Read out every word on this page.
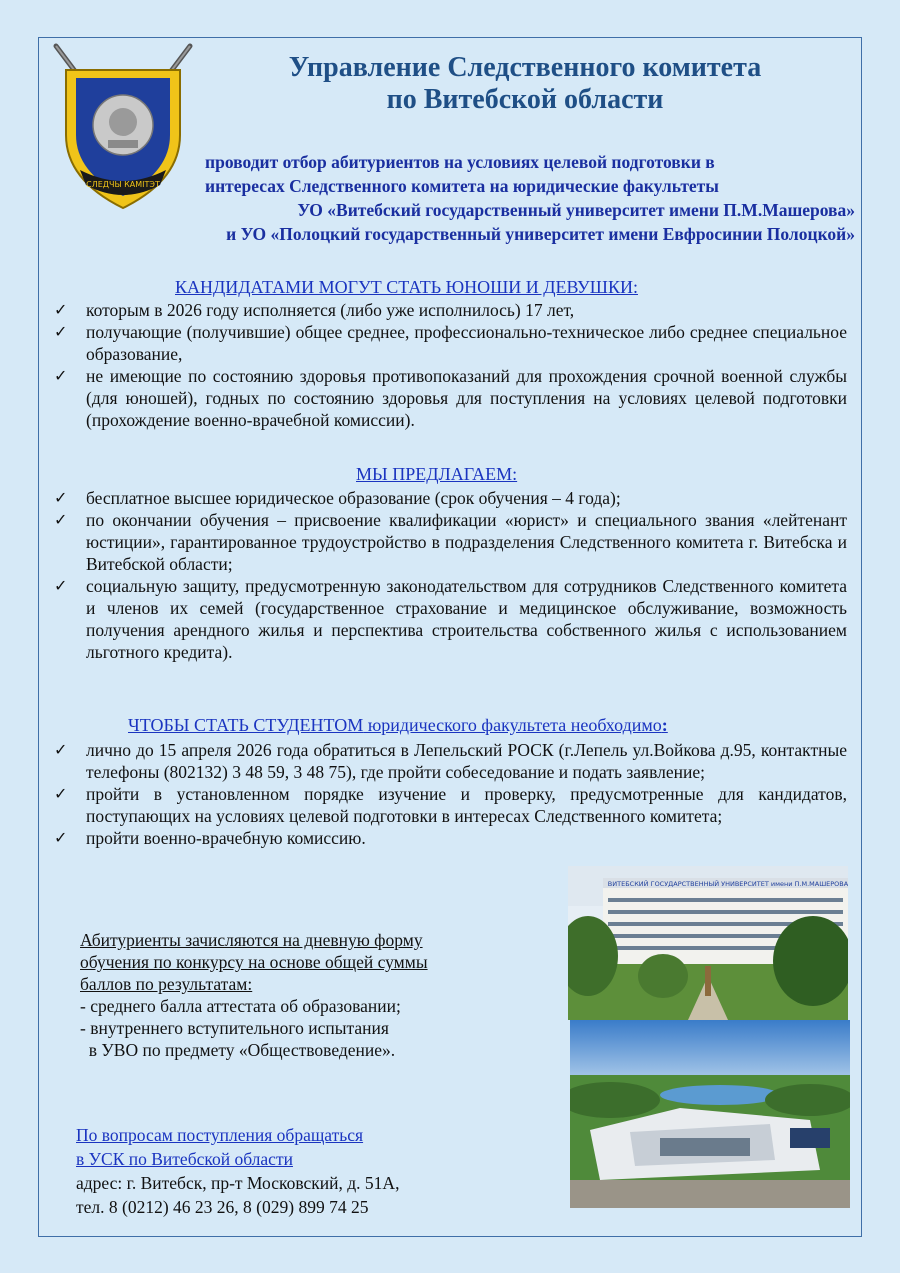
СЛЕДЧЫ КАМІТЭТ
Управление Следственного комитета
по Витебской области
проводит отбор абитуриентов на условиях целевой подготовки в
интересах Следственного комитета на юридические факультеты
УО «Витебский государственный университет имени П.М.Машерова»
и УО «Полоцкий государственный университет имени Евфросинии Полоцкой»
КАНДИДАТАМИ МОГУТ СТАТЬ ЮНОШИ И ДЕВУШКИ:
✓ которым в 2026 году исполняется (либо уже исполнилось) 17 лет,
✓ получающие (получившие) общее среднее, профессионально-техническое либо среднее специальное образование,
✓ не имеющие по состоянию здоровья противопоказаний для прохождения срочной военной службы (для юношей), годных по состоянию здоровья для поступления на условиях целевой подготовки (прохождение военно-врачебной комиссии).
МЫ ПРЕДЛАГАЕМ:
✓ бесплатное высшее юридическое образование (срок обучения – 4 года);
✓ по окончании обучения – присвоение квалификации «юрист» и специального звания «лейтенант юстиции», гарантированное трудоустройство в подразделения Следственного комитета г. Витебска и Витебской области;
✓ социальную защиту, предусмотренную законодательством для сотрудников Следственного комитета и членов их семей (государственное страхование и медицинское обслуживание, возможность получения арендного жилья и перспектива строительства собственного жилья с использованием льготного кредита).
ЧТОБЫ СТАТЬ СТУДЕНТОМ юридического факультета необходимо:
✓ лично до 15 апреля 2026 года обратиться в Лепельский РОСК (г.Лепель ул.Войкова д.95, контактные телефоны (802132) 3 48 59, 3 48 75), где пройти собеседование и подать заявление;
✓ пройти в установленном порядке изучение и проверку, предусмотренные для кандидатов, поступающих на условиях целевой подготовки в интересах Следственного комитета;
✓ пройти военно-врачебную комиссию.
Абитуриенты зачисляются на дневную форму
обучения по конкурсу на основе общей суммы
баллов по результатам:
- среднего балла аттестата об образовании;
- внутреннего вступительного испытания
в УВО по предмету «Обществоведение».
По вопросам поступления обращаться
в УСК по Витебской области
адрес: г. Витебск, пр-т Московский, д. 51А,
тел. 8 (0212) 46 23 26, 8 (029) 899 74 25
ВИТЕБСКИЙ ГОСУДАРСТВЕННЫЙ УНИВЕРСИТЕТ имени П.М.МАШЕРОВА
